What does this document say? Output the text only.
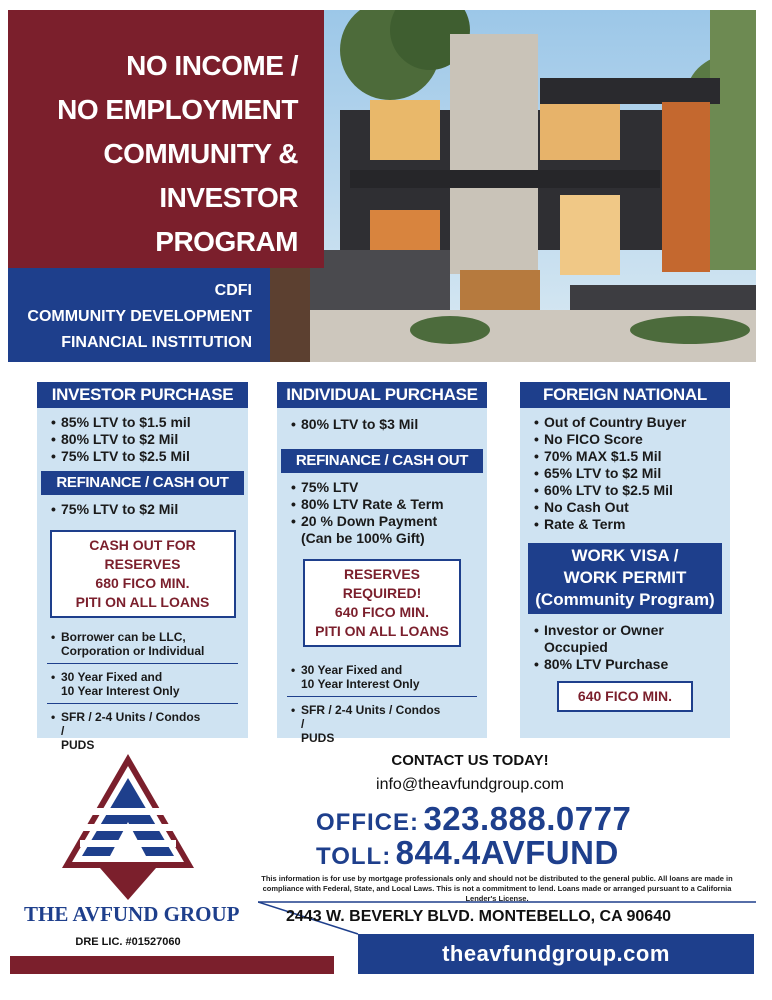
NO INCOME /
NO EMPLOYMENT
COMMUNITY &
INVESTOR
PROGRAM
CDFI
COMMUNITY DEVELOPMENT
FINANCIAL INSTITUTION
INVESTOR PURCHASE
• 85% LTV to $1.5 mil
• 80% LTV to $2 Mil
• 75% LTV to $2.5 Mil
REFINANCE / CASH OUT
• 75% LTV to $2 Mil
CASH OUT FOR RESERVES
680 FICO MIN.
PITI ON ALL LOANS
• Borrower can be LLC,
Corporation or Individual
• 30 Year Fixed and
10 Year Interest Only
• SFR / 2-4 Units / Condos
/
PUDS
INDIVIDUAL PURCHASE
• 80% LTV to $3 Mil
REFINANCE / CASH OUT
• 75% LTV
• 80% LTV Rate & Term
• 20 % Down Payment
(Can be 100% Gift)
RESERVES REQUIRED!
640 FICO MIN.
PITI ON ALL LOANS
• 30 Year Fixed and
10 Year Interest Only
• SFR / 2-4 Units / Condos
/
PUDS
FOREIGN NATIONAL
• Out of Country Buyer
• No FICO Score
• 70% MAX $1.5 Mil
• 65% LTV to $2 Mil
• 60% LTV to $2.5 Mil
• No Cash Out
• Rate & Term
WORK VISA /
WORK PERMIT
(Community Program)
• Investor or Owner
Occupied
• 80% LTV Purchase
640 FICO MIN.
CONTACT US TODAY!
info@theavfundgroup.com
OFFICE: 323.888.0777
TOLL: 844.4AVFUND
This information is for use by mortgage professionals only and should not be distributed to the general public. All loans are made in compliance with Federal, State, and Local Laws. This is not a commitment to lend. Loans made or arranged pursuant to a California Lender's License.
2443 W. BEVERLY BLVD. MONTEBELLO, CA 90640
theavfundgroup.com
THE AVFUND GROUP
DRE LIC. #01527060
